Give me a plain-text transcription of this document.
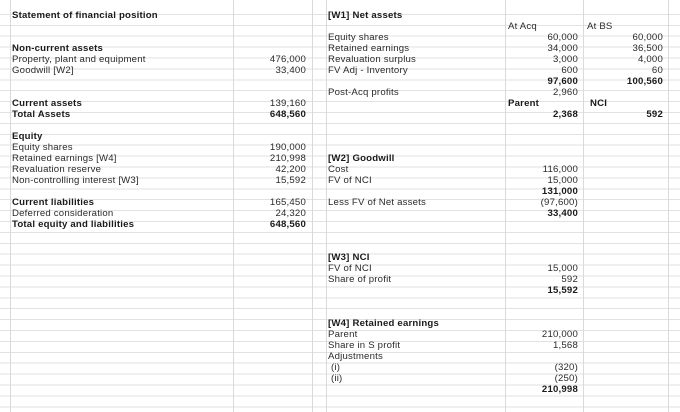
Statement of financial position
Non-current assets
Property, plant and equipment	476,000
Goodwill [W2]	33,400
Current assets	139,160
Total Assets	648,560
Equity
Equity shares	190,000
Retained earnings [W4]	210,998
Revaluation reserve	42,200
Non-controlling interest [W3]	15,592
Current liabilities	165,450
Deferred consideration	24,320
Total equity and liabilities	648,560
[W1] Net assets
At Acq	At BS
Equity shares	60,000	60,000
Retained earnings	34,000	36,500
Revaluation surplus	3,000	4,000
FV Adj - Inventory	600	60
97,600	100,560
Post-Acq profits	2,960
Parent	NCI
2,368	592
[W2] Goodwill
Cost	116,000
FV of NCI	15,000
131,000
Less FV of Net assets	(97,600)
33,400
[W3] NCI
FV of NCI	15,000
Share of profit	592
15,592
[W4] Retained earnings
Parent	210,000
Share in S profit	1,568
Adjustments
(i)	(320)
(ii)	(250)
210,998
